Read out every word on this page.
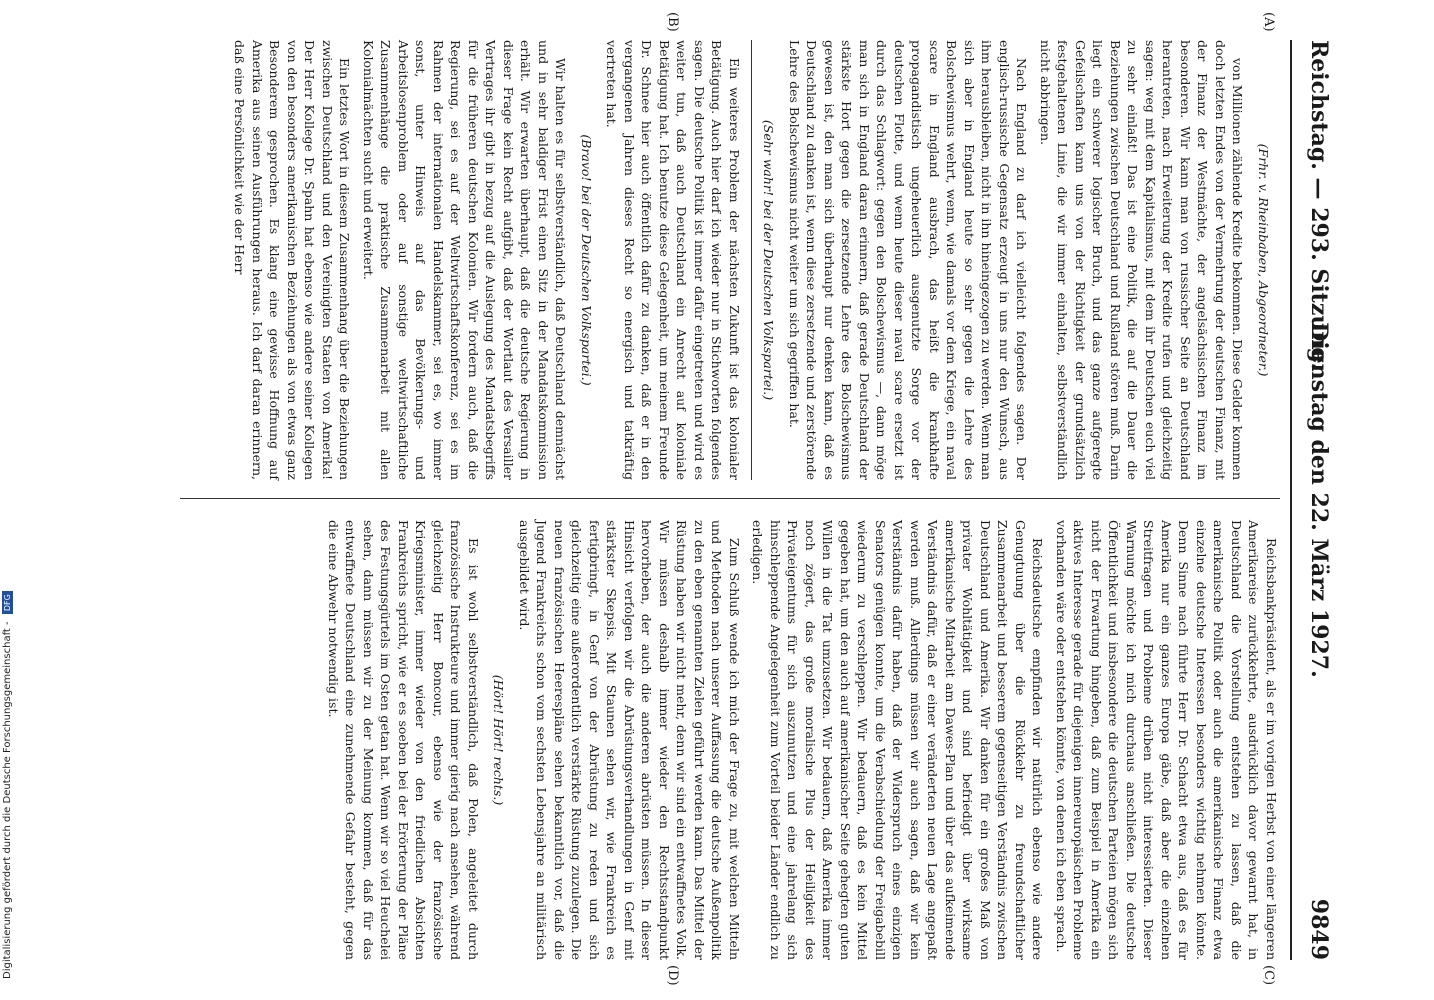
Reichstag. — 293. Sitzung.
Dienstag den 22. März 1927.
9849
(A)
(B)
(C)
(D)

(Frhr. v. Rheinbaben, Abgeordneter.)

von Millionen zählende Kredite bekommen. Diese Gelder kommen doch letzten Endes von der Vermehrung der deutschen Finanz, mit der Finanz der Westmächte, der angelsächsischen Finanz im besonderen. Wir kann man von russischer Seite an Deutschland herantreten, nach Erweiterung der Kredite rufen und gleichzeitig sagen: weg mit dem Kapitalismus, mit dem ihr Deutschen euch viel zu sehr einlaßt! Das ist eine Politik, die auf die Dauer die Beziehungen zwischen Deutschland und Rußland stören muß. Darin liegt ein schwerer logischer Bruch, und das ganze aufgeregte Gefeilschaften kann uns von der Richtigkeit der grundsätzlich festgehaltenen Linie, die wir immer einhalten, selbstverständlich nicht abbringen.

Nach England zu darf ich vielleicht folgendes sagen. Der englisch-russische Gegensatz erzeugt in uns nur den Wunsch, aus ihm herausbleiben, nicht in ihn hineingezogen zu werden. Wenn man sich aber in England heute so sehr gegen die Lehre des Bolschewismus wehrt, wenn, wie damals vor dem Kriege, ein naval scare in England ausbrach, das heißt die krankhafte propagandistisch ungeheuerlich ausgenutzte Sorge vor der deutschen Flotte, und wenn heute dieser naval scare ersetzt ist durch das Schlagwort: gegen den Bolschewismus —, dann möge man sich in England daran erinnern, daß gerade Deutschland der stärkste Hort gegen die zersetzende Lehre des Bolschewismus gewesen ist, den man sich überhaupt nur denken kann, daß es Deutschland zu danken ist, wenn diese zersetzende und zerstörende Lehre des Bolschewismus nicht weiter um sich gegriffen hat.

(Sehr wahr! bei der Deutschen Volkspartei.)

Ein weiteres Problem der nächsten Zukunft ist das kolonialer Betätigung. Auch hier darf ich wieder nur in Stichworten folgendes sagen. Die deutsche Politik ist immer dafür eingetreten und wird es weiter tun, daß auch Deutschland ein Anrecht auf koloniale Betätigung hat. Ich benutze diese Gelegenheit, um meinem Freunde Dr. Schnee hier auch öffentlich dafür zu danken, daß er in den vergangenen Jahren dieses Recht so energisch und tatkräftig vertreten hat.

(Bravo! bei der Deutschen Volkspartei.)

Wir halten es für selbstverständlich, daß Deutschland demnächst und in sehr baldiger Frist einen Sitz in der Mandatskommission erhält. Wir erwarten überhaupt, daß die deutsche Regierung in dieser Frage kein Recht aufgibt, daß der Wortlaut des Versailler Vertrages ihr gibt in bezug auf die Auslegung des Mandatsbegriffs für die früheren deutschen Kolonien. Wir fordern auch, daß die Regierung, sei es auf der Weltwirtschaftskonferenz, sei es im Rahmen der internationalen Handelskammer, sei es, wo immer sonst, unter Hinweis auf das Bevölkerungs- und Arbeitslosenproblem oder auf sonstige weltwirtschaftliche Zusammenhänge die praktische Zusammenarbeit mit allen Kolonialmächten sucht und erweitert.

Ein letztes Wort in diesem Zusammenhang über die Beziehungen zwischen Deutschland und den Vereinigten Staaten von Amerika! Der Herr Kollege Dr. Spahn hat ebenso wie andere seiner Kollegen von den besonders amerikanischen Beziehungen als von etwas ganz Besonderem gesprochen. Es klang eine gewisse Hoffnung auf Amerika aus seinen Ausführungen heraus. Ich darf daran erinnern, daß eine Persönlichkeit wie der Herr

Reichsbankpräsident, als er im vorigen Herbst von einer längeren Amerikareise zurückkehrte, ausdrücklich davor gewarnt hat, in Deutschland die Vorstellung entstehen zu lassen, daß die amerikanische Politik oder auch die amerikanische Finanz etwa einzelne deutsche Interessen besonders wichtig nehmen könnte. Denn Sinne nach führte Herr Dr. Schacht etwa aus, daß es für Amerika nur ein ganzes Europa gäbe, daß aber die einzelnen Streitfragen und Probleme drüben nicht interessierten. Dieser Warnung möchte ich mich durchaus anschließen. Die deutsche Öffentlichkeit und insbesondere die deutschen Parteien mögen sich nicht der Erwartung hingeben, daß zum Beispiel in Amerika ein aktives Interesse gerade für diejenigen innereuropäischen Probleme vorhanden wäre oder entstehen könnte, von denen ich eben sprach.

Reichsdeutsche empfinden wir natürlich ebenso wie andere Genugtuung über die Rückkehr zu freundschaftlicher Zusammenarbeit und besserem gegenseitigen Verständnis zwischen Deutschland und Amerika. Wir danken für ein großes Maß von privater Wohltätigkeit und sind befriedigt über wirksame amerikanische Mitarbeit am Dawes-Plan und über das aufkeimende Verständnis dafür, daß er einer veränderten neuen Lage angepaßt werden muß. Allerdings müssen wir auch sagen, daß wir kein Verständnis dafür haben, daß der Widerspruch eines einzigen Senators genügen konnte, um die Verabschiedung der Freigabebill wiederum zu verschleppen. Wir bedauern, daß es kein Mittel gegeben hat, um den auch auf amerikanischer Seite gehegten guten Willen in die Tat umzusetzen. Wir bedauern, daß Amerika immer noch zögert, das große moralische Plus der Heiligkeit des Privateigentums für sich auszunutzen und eine jahrelang sich hinschleppende Angelegenheit zum Vorteil beider Länder endlich zu erledigen.

Zum Schluß wende ich mich der Frage zu, mit welchen Mitteln und Methoden nach unserer Auffassung die deutsche Außenpolitik zu den eben genannten Zielen geführt werden kann. Das Mittel der Rüstung haben wir nicht mehr, denn wir sind ein entwaffnetes Volk. Wir müssen deshalb immer wieder den Rechtsstandpunkt hervorheben, der auch die anderen abrüsten müssen. In dieser Hinsicht verfolgen wir die Abrüstungsverhandlungen in Genf mit stärkster Skepsis. Mit Staunen sehen wir, wie Frankreich es fertigbringt, in Genf von der Abrüstung zu reden und sich gleichzeitig eine außerordentlich verstärkte Rüstung zuzulegen. Die neuen französischen Heerespläne sehen bekanntlich vor, daß die Jugend Frankreichs schon vom sechsten Lebensjahre an militärisch ausgebildet wird.

(Hört! Hört! rechts.)

Es ist wohl selbstverständlich, daß Polen, angeleitet durch französische Instrukteure und immer gierig nach ansehen, während gleichzeitig Herr Boncour, ebenso wie der französische Kriegsminister, immer wieder von den friedlichen Absichten Frankreichs spricht, wie er es soeben bei der Erörterung der Pläne des Festungsgürtels im Osten getan hat. Wenn wir so viel Heuchelei sehen, dann müssen wir zu der Meinung kommen, daß für das entwaffnete Deutschland eine zunehmende Gefahr besteht, gegen die eine Abwehr notwendig ist.

Digitalisierung gefördert durch die Deutsche Forschungsgemeinschaft - DFG
